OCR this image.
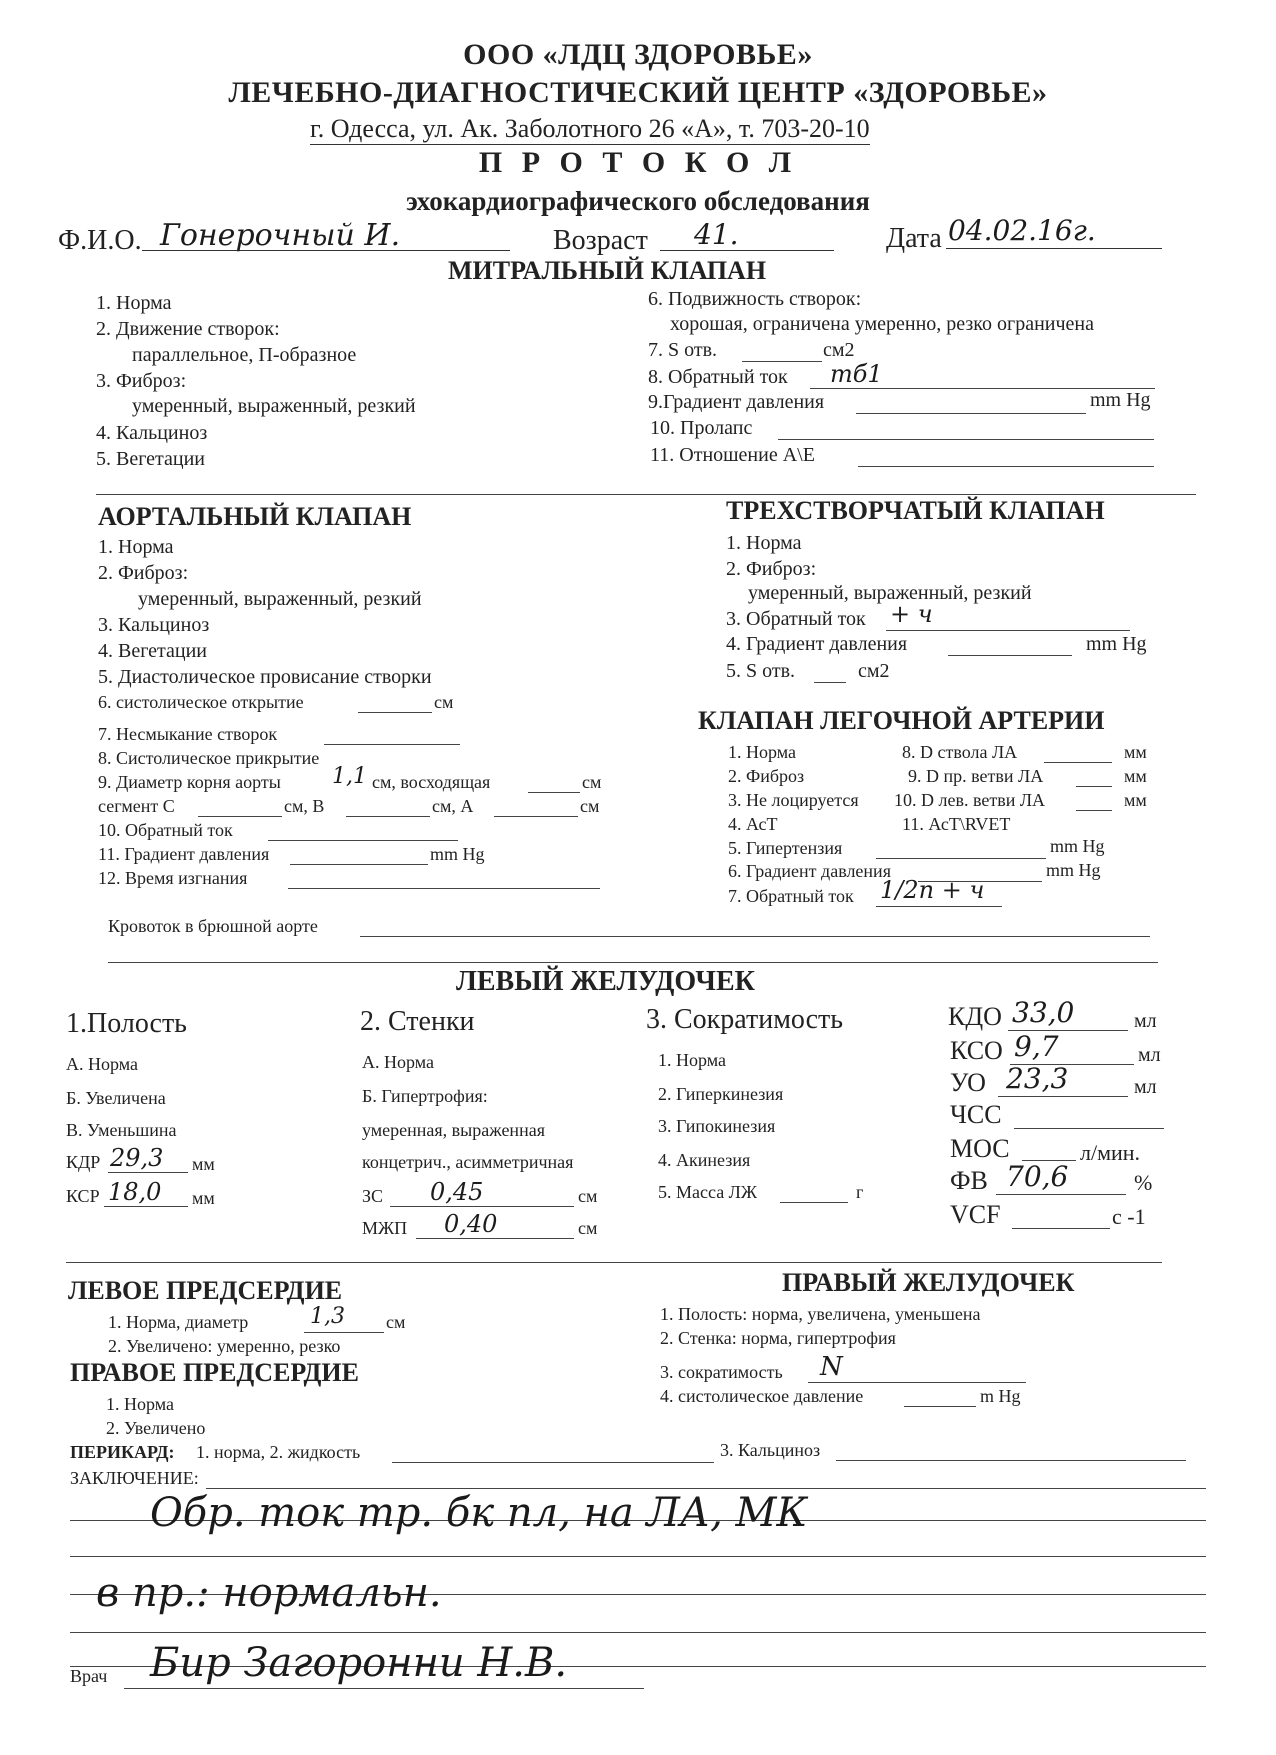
ООО «ЛДЦ ЗДОРОВЬЕ»
ЛЕЧЕБНО-ДИАГНОСТИЧЕСКИЙ ЦЕНТР «ЗДОРОВЬЕ»
г. Одесса, ул. Ак. Заболотного 26 «А», т. 703-20-10
П Р О Т О К О Л
эхокардиографического обследования
Ф.И.О. Гонерочный И.	Возраст 41.	Дата 04.02.16г.
МИТРАЛЬНЫЙ КЛАПАН
1. Норма
2. Движение створок:
параллельное, П-образное
3. Фиброз:
умеренный, выраженный, резкий
4. Кальциноз
5. Вегетации
6. Подвижность створок:
хорошая, ограничена умеренно, резко ограничена
7. S отв.	см2
8. Обратный ток тб1
9.Градиент давления	mm Hg
10. Пролапс
11. Отношение А\Е
АОРТАЛЬНЫЙ КЛАПАН
1. Норма
2. Фиброз:
умеренный, выраженный, резкий
3. Кальциноз
4. Вегетации
5. Диастолическое провисание створки
6. систолическое открытие	см
7. Несмыкание створок
8. Систолическое прикрытие
9. Диаметр корня аорты 1,1 см, восходящая	см
сегмент С	см, В	см, А	см
10. Обратный ток
11. Градиент давления	mm Hg
12. Время изгнания
Кровоток в брюшной аорте
ТРЕХСТВОРЧАТЫЙ КЛАПАН
1. Норма
2. Фиброз:
умеренный, выраженный, резкий
3. Обратный ток + ч
4. Градиент давления	mm Hg
5. S отв.	см2
КЛАПАН ЛЕГОЧНОЙ АРТЕРИИ
1. Норма
2. Фиброз
3. Не лоцируется
4. АсТ
5. Гипертензия	mm Hg
6. Градиент давления	mm Hg
7. Обратный ток 1/2п + ч
8. D ствола ЛА	мм
9. D пр. ветви ЛА	мм
10. D лев. ветви ЛА	мм
11. АсТ\RVET
ЛЕВЫЙ ЖЕЛУДОЧЕК
1.Полость
А. Норма
Б. Увеличена
В. Уменьшина
КДР 29,3 мм
КСР 18,0 мм
2. Стенки
А. Норма
Б. Гипертрофия:
умеренная, выраженная
концетрич., асимметричная
ЗС 0,45	см
МЖП 0,40	см
3. Сократимость
1. Норма
2. Гиперкинезия
3. Гипокинезия
4. Акинезия
5. Масса ЛЖ	г
КДО 33,0	мл
КСО 9,7	мл
УО 23,3	мл
ЧСС
МОС	л/мин.
ФВ 70,6	%
VCF	с -1
ЛЕВОЕ ПРЕДСЕРДИЕ
1. Норма, диаметр	1,3 см
2. Увеличено: умеренно, резко
ПРАВОЕ ПРЕДСЕРДИЕ
1. Норма
2. Увеличено
ПРАВЫЙ ЖЕЛУДОЧЕК
1. Полость: норма, увеличена, уменьшена
2. Стенка: норма, гипертрофия
3. сократимость N
4. систолическое давление	m Hg
ПЕРИКАРД: 1. норма, 2. жидкость	3. Кальциноз
ЗАКЛЮЧЕНИЕ:
Обр. ток тр. бк пл, на ЛА, МК
в пр.: нормальн.
Врач Бир Загоронни Н.В.
